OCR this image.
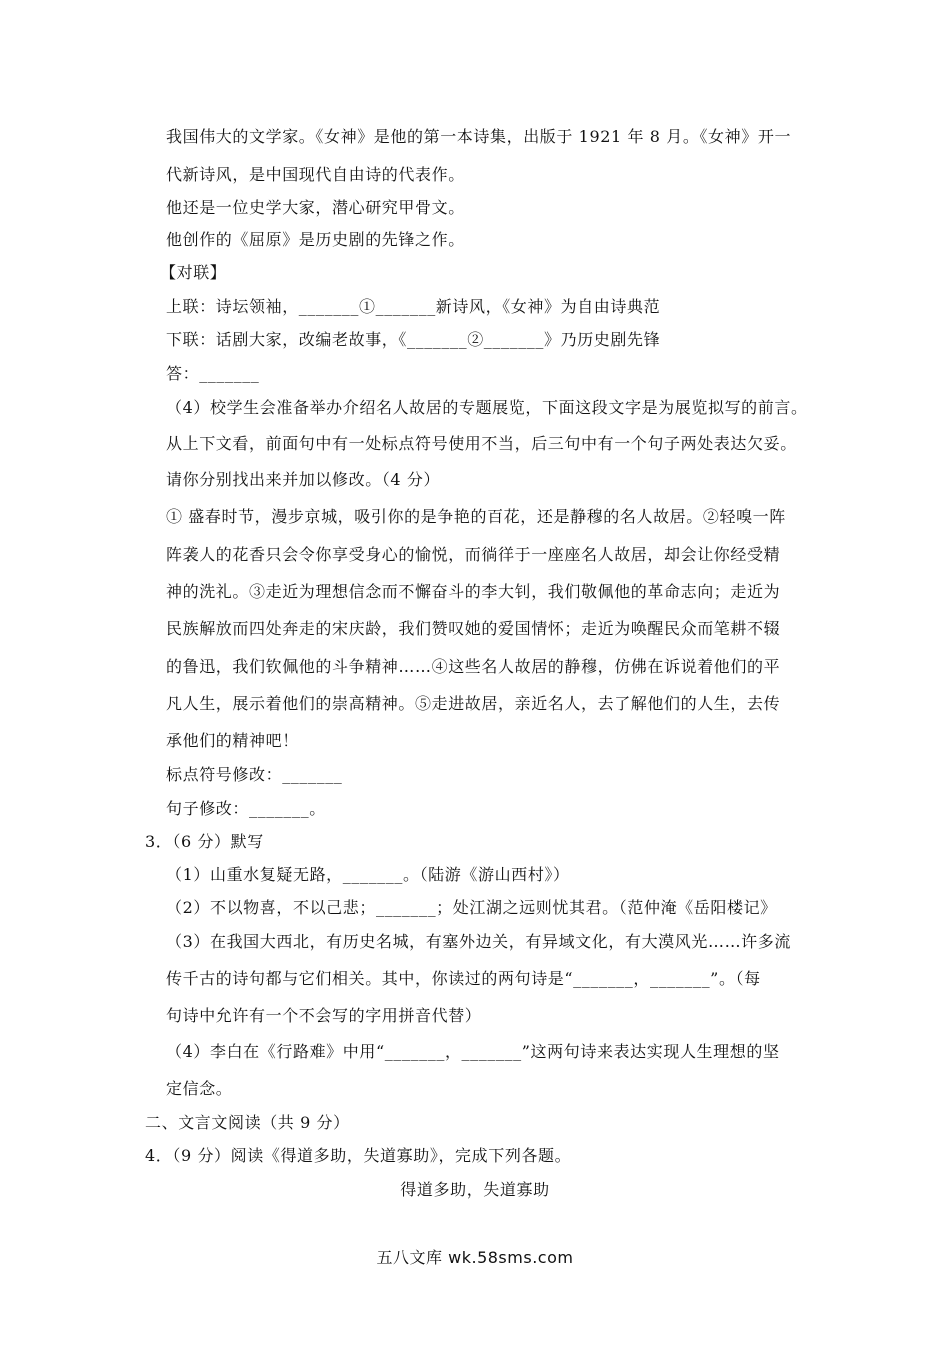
我国伟大的文学家。《女神》是他的第一本诗集，出版于 1921 年 8 月。《女神》开一
代新诗风，是中国现代自由诗的代表作。
他还是一位史学大家，潜心研究甲骨文。
他创作的《屈原》是历史剧的先锋之作。
【对联】
上联：诗坛领袖，_______①_______新诗风，《女神》为自由诗典范
下联：话剧大家，改编老故事，《_______②_______》乃历史剧先锋
答：_______
（4）校学生会准备举办介绍名人故居的专题展览，下面这段文字是为展览拟写的前言。
从上下文看，前面句中有一处标点符号使用不当，后三句中有一个句子两处表达欠妥。
请你分别找出来并加以修改。（4 分）
① 盛春时节，漫步京城，吸引你的是争艳的百花，还是静穆的名人故居。②轻嗅一阵
阵袭人的花香只会令你享受身心的愉悦，而徜徉于一座座名人故居，却会让你经受精
神的洗礼。③走近为理想信念而不懈奋斗的李大钊，我们敬佩他的革命志向；走近为
民族解放而四处奔走的宋庆龄，我们赞叹她的爱国情怀；走近为唤醒民众而笔耕不辍
的鲁迅，我们钦佩他的斗争精神……④这些名人故居的静穆，仿佛在诉说着他们的平
凡人生，展示着他们的崇高精神。⑤走进故居，亲近名人，去了解他们的人生，去传
承他们的精神吧！
标点符号修改：_______
句子修改：_______。
3．（6 分）默写
（1）山重水复疑无路，_______。（陆游《游山西村》）
（2）不以物喜，不以己悲；_______；处江湖之远则忧其君。（范仲淹《岳阳楼记》
（3）在我国大西北，有历史名城，有塞外边关，有异域文化，有大漠风光……许多流
传千古的诗句都与它们相关。其中，你读过的两句诗是“_______，_______”。（每
句诗中允许有一个不会写的字用拼音代替）
（4）李白在《行路难》中用“_______，_______”这两句诗来表达实现人生理想的坚
定信念。
二、文言文阅读（共 9 分）
4．（9 分）阅读《得道多助，失道寡助》，完成下列各题。
得道多助，失道寡助
五八文库 wk.58sms.com
